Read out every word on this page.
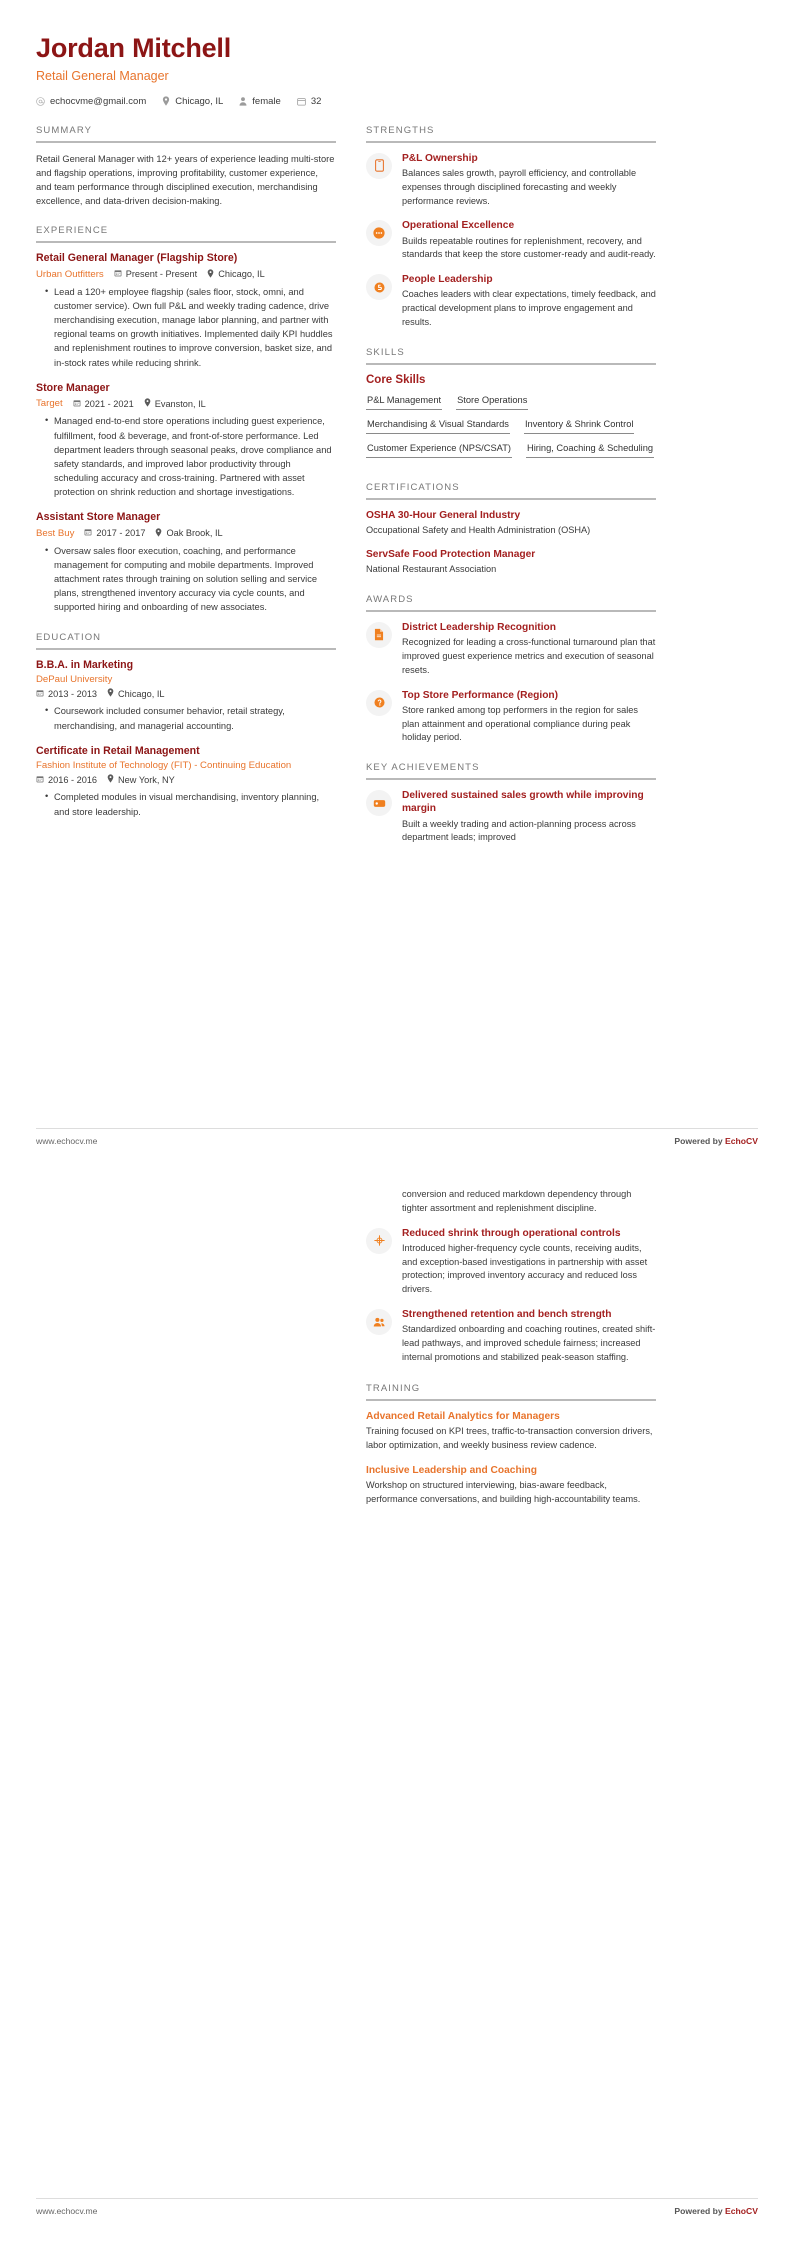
Jordan Mitchell
Retail General Manager
echocvme@gmail.com	Chicago, IL	female	32
SUMMARY
Retail General Manager with 12+ years of experience leading multi-store and flagship operations, improving profitability, customer experience, and team performance through disciplined execution, merchandising excellence, and data-driven decision-making.
EXPERIENCE
Retail General Manager (Flagship Store)
Urban Outfitters Present - Present Chicago, IL
• Lead a 120+ employee flagship (sales floor, stock, omni, and customer service). Own full P&L and weekly trading cadence, drive merchandising execution, manage labor planning, and partner with regional teams on growth initiatives. Implemented daily KPI huddles and replenishment routines to improve conversion, basket size, and in-stock rates while reducing shrink.
Store Manager
Target 2021 - 2021 Evanston, IL
• Managed end-to-end store operations including guest experience, fulfillment, food & beverage, and front-of-store performance. Led department leaders through seasonal peaks, drove compliance and safety standards, and improved labor productivity through scheduling accuracy and cross-training. Partnered with asset protection on shrink reduction and shortage investigations.
Assistant Store Manager
Best Buy 2017 - 2017 Oak Brook, IL
• Oversaw sales floor execution, coaching, and performance management for computing and mobile departments. Improved attachment rates through training on solution selling and service plans, strengthened inventory accuracy via cycle counts, and supported hiring and onboarding of new associates.
EDUCATION
B.B.A. in Marketing
DePaul University
2013 - 2013 Chicago, IL
• Coursework included consumer behavior, retail strategy, merchandising, and managerial accounting.
Certificate in Retail Management
Fashion Institute of Technology (FIT) - Continuing Education
2016 - 2016 New York, NY
• Completed modules in visual merchandising, inventory planning, and store leadership.
STRENGTHS
P&L Ownership
Balances sales growth, payroll efficiency, and controllable expenses through disciplined forecasting and weekly performance reviews.
Operational Excellence
Builds repeatable routines for replenishment, recovery, and standards that keep the store customer-ready and audit-ready.
People Leadership
Coaches leaders with clear expectations, timely feedback, and practical development plans to improve engagement and results.
SKILLS
Core Skills
P&L Management Store Operations
Merchandising & Visual Standards Inventory & Shrink Control
Customer Experience (NPS/CSAT) Hiring, Coaching & Scheduling
CERTIFICATIONS
OSHA 30-Hour General Industry
Occupational Safety and Health Administration (OSHA)
ServSafe Food Protection Manager
National Restaurant Association
AWARDS
District Leadership Recognition
Recognized for leading a cross-functional turnaround plan that improved guest experience metrics and execution of seasonal resets.
Top Store Performance (Region)
Store ranked among top performers in the region for sales plan attainment and operational compliance during peak holiday period.
KEY ACHIEVEMENTS
Delivered sustained sales growth while improving margin
Built a weekly trading and action-planning process across department leads; improved
www.echocv.me	Powered by EchoCV
conversion and reduced markdown dependency through tighter assortment and replenishment discipline.
Reduced shrink through operational controls
Introduced higher-frequency cycle counts, receiving audits, and exception-based investigations in partnership with asset protection; improved inventory accuracy and reduced loss drivers.
Strengthened retention and bench strength
Standardized onboarding and coaching routines, created shift-lead pathways, and improved schedule fairness; increased internal promotions and stabilized peak-season staffing.
TRAINING
Advanced Retail Analytics for Managers
Training focused on KPI trees, traffic-to-transaction conversion drivers, labor optimization, and weekly business review cadence.
Inclusive Leadership and Coaching
Workshop on structured interviewing, bias-aware feedback, performance conversations, and building high-accountability teams.
www.echocv.me	Powered by EchoCV
